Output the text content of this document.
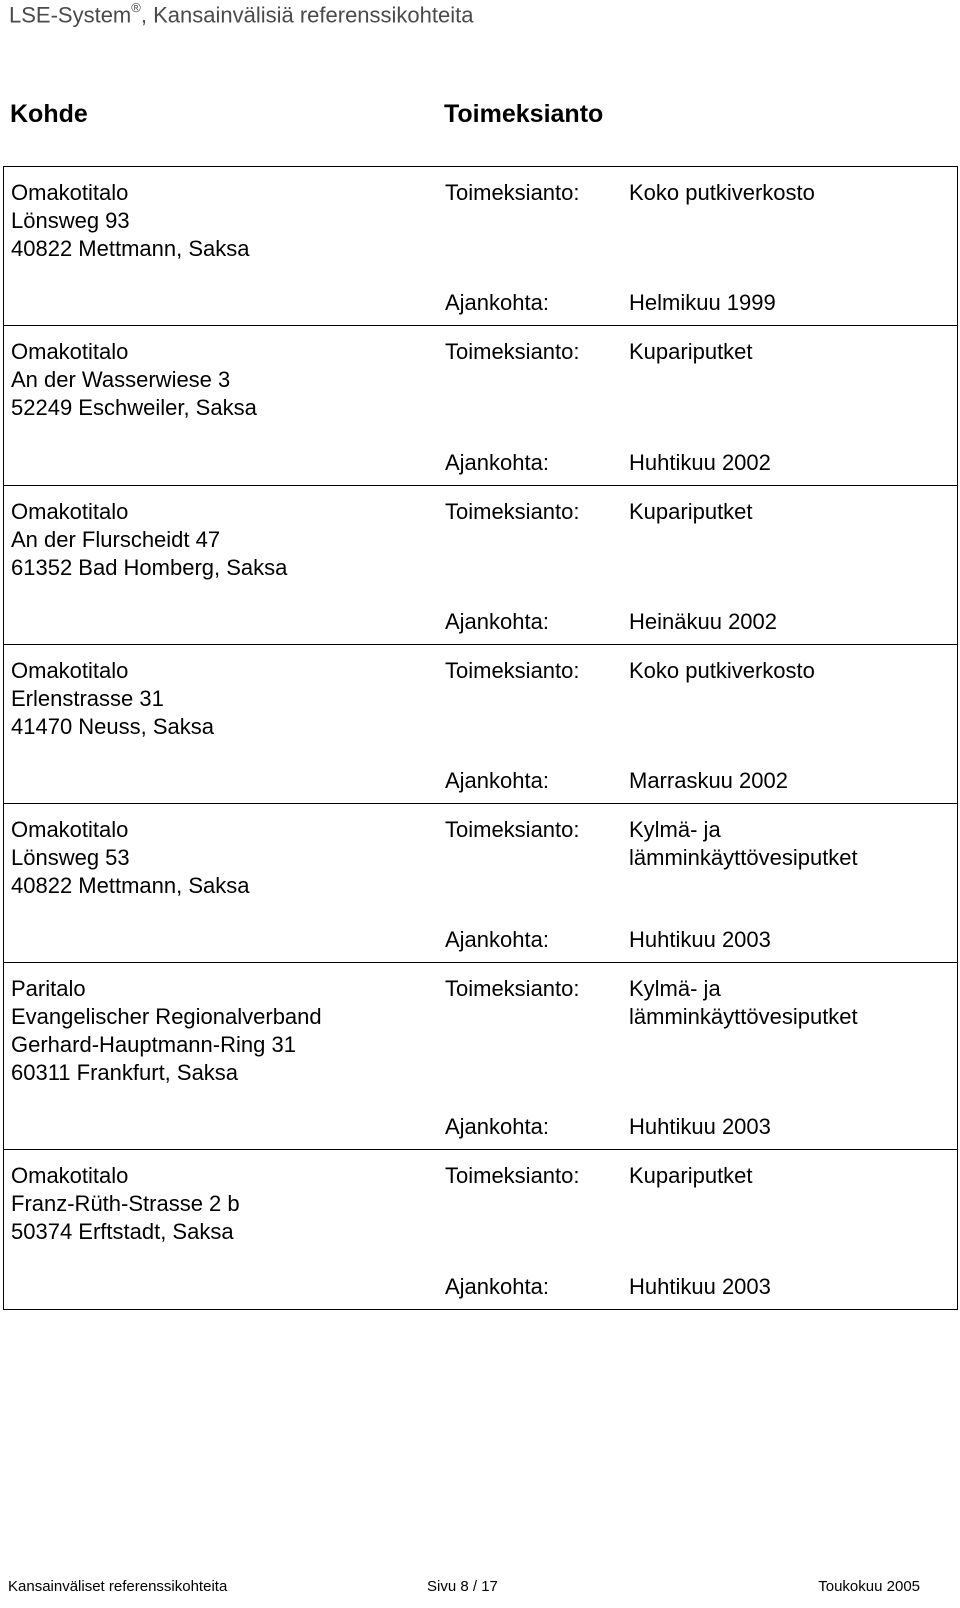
LSE-System®, Kansainvälisiä referenssikohteita
Kohde	Toimeksianto
Omakotitalo
Lönsweg 93
40822 Mettmann, Saksa
Toimeksianto: Koko putkiverkosto
Ajankohta:	Helmikuu 1999
Omakotitalo
An der Wasserwiese 3
52249 Eschweiler, Saksa
Toimeksianto: Kupariputket
Ajankohta:	Huhtikuu 2002
Omakotitalo
An der Flurscheidt 47
61352 Bad Homberg, Saksa
Toimeksianto: Kupariputket
Ajankohta:	Heinäkuu 2002
Omakotitalo
Erlenstrasse 31
41470 Neuss, Saksa
Toimeksianto: Koko putkiverkosto
Ajankohta:	Marraskuu 2002
Omakotitalo
Lönsweg 53
40822 Mettmann, Saksa
Toimeksianto: Kylmä- ja
lämminkäyttövesiputket
Ajankohta:	Huhtikuu 2003
Paritalo
Evangelischer Regionalverband
Gerhard-Hauptmann-Ring 31
60311 Frankfurt, Saksa
Toimeksianto: Kylmä- ja
lämminkäyttövesiputket
Ajankohta:	Huhtikuu 2003
Omakotitalo
Franz-Rüth-Strasse 2 b
50374 Erftstadt, Saksa
Toimeksianto: Kupariputket
Ajankohta:	Huhtikuu 2003
Kansainväliset referenssikohteita	Sivu 8 / 17	Toukokuu 2005
